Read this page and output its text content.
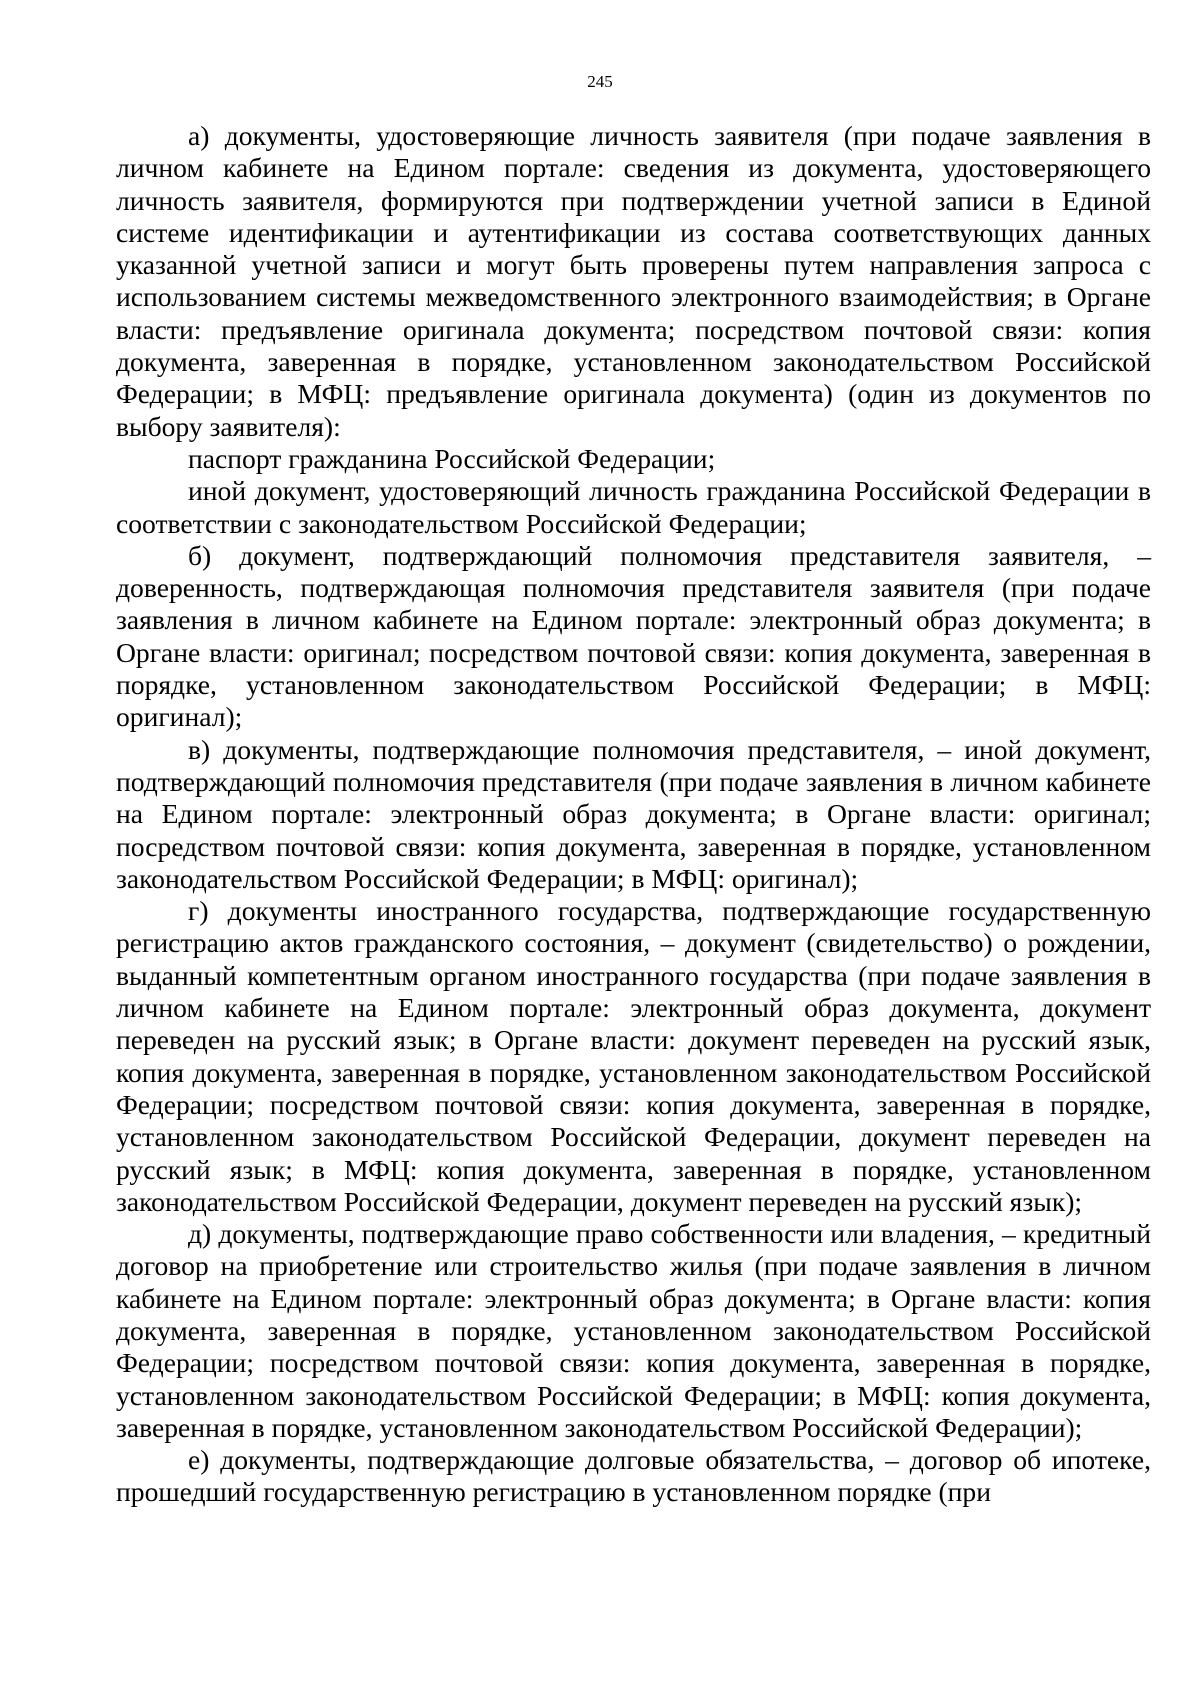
245

а) документы, удостоверяющие личность заявителя (при подаче заявления в личном кабинете на Едином портале: сведения из документа, удостоверяющего личность заявителя, формируются при подтверждении учетной записи в Единой системе идентификации и аутентификации из состава соответствующих данных указанной учетной записи и могут быть проверены путем направления запроса с использованием системы межведомственного электронного взаимодействия; в Органе власти: предъявление оригинала документа; посредством почтовой связи: копия документа, заверенная в порядке, установленном законодательством Российской Федерации; в МФЦ: предъявление оригинала документа) (один из документов по выбору заявителя):

паспорт гражданина Российской Федерации;

иной документ, удостоверяющий личность гражданина Российской Федерации в соответствии с законодательством Российской Федерации;

б) документ, подтверждающий полномочия представителя заявителя, – доверенность, подтверждающая полномочия представителя заявителя (при подаче заявления в личном кабинете на Едином портале: электронный образ документа; в Органе власти: оригинал; посредством почтовой связи: копия документа, заверенная в порядке, установленном законодательством Российской Федерации; в МФЦ: оригинал);

в) документы, подтверждающие полномочия представителя, – иной документ, подтверждающий полномочия представителя (при подаче заявления в личном кабинете на Едином портале: электронный образ документа; в Органе власти: оригинал; посредством почтовой связи: копия документа, заверенная в порядке, установленном законодательством Российской Федерации; в МФЦ: оригинал);

г) документы иностранного государства, подтверждающие государственную регистрацию актов гражданского состояния, – документ (свидетельство) о рождении, выданный компетентным органом иностранного государства (при подаче заявления в личном кабинете на Едином портале: электронный образ документа, документ переведен на русский язык; в Органе власти: документ переведен на русский язык, копия документа, заверенная в порядке, установленном законодательством Российской Федерации; посредством почтовой связи: копия документа, заверенная в порядке, установленном законодательством Российской Федерации, документ переведен на русский язык; в МФЦ: копия документа, заверенная в порядке, установленном законодательством Российской Федерации, документ переведен на русский язык);

д) документы, подтверждающие право собственности или владения, – кредитный договор на приобретение или строительство жилья (при подаче заявления в личном кабинете на Едином портале: электронный образ документа; в Органе власти: копия документа, заверенная в порядке, установленном законодательством Российской Федерации; посредством почтовой связи: копия документа, заверенная в порядке, установленном законодательством Российской Федерации; в МФЦ: копия документа, заверенная в порядке, установленном законодательством Российской Федерации);

е) документы, подтверждающие долговые обязательства, – договор об ипотеке, прошедший государственную регистрацию в установленном порядке (при
